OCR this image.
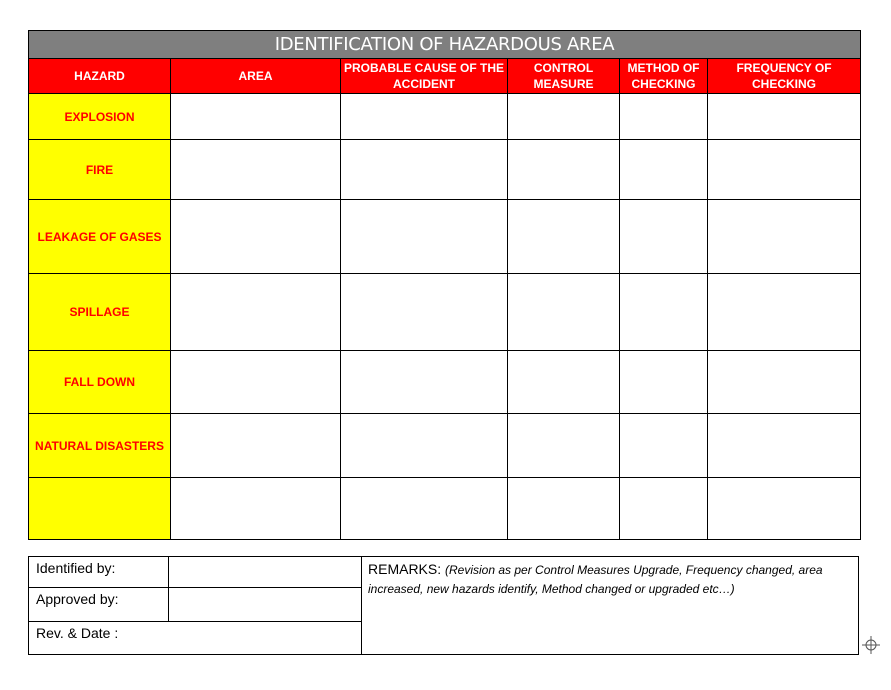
IDENTIFICATION OF HAZARDOUS AREA					
HAZARD	AREA	PROBABLE CAUSE OF THE ACCIDENT	CONTROL MEASURE	METHOD OF CHECKING	FREQUENCY OF CHECKING
EXPLOSION					
FIRE					
LEAKAGE OF GASES					
SPILLAGE					
FALL DOWN					
NATURAL DISASTERS					

Identified by:		REMARKS: (Revision as per Control Measures Upgrade, Frequency changed, area increased, new hazards identify, Method changed or upgraded etc…)
Approved by:		
Rev. & Date :		
